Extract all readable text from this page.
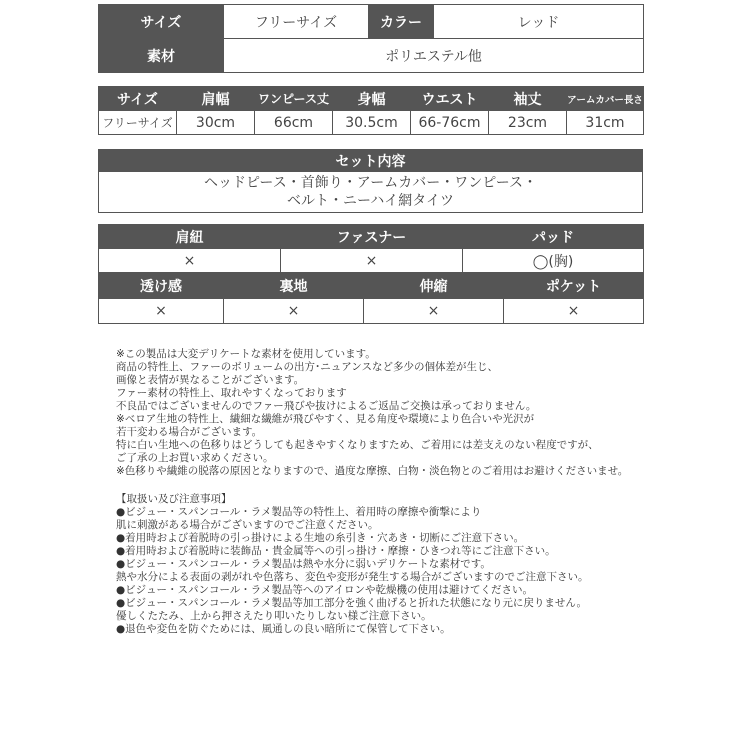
サイズ	フリーサイズ	カラー	レッド
素材	ポリエステル他		
サイズ	肩幅	ワンピース丈	身幅	ウエスト	袖丈	アームカバー長さ
フリーサイズ	30cm	66cm	30.5cm	66-76cm	23cm	31cm
セット内容

ヘッドピース・首飾り・アームカバー・ワンピース・
ベルト・ニーハイ網タイツ
肩紐	ファスナー	パッド
×	×	◯(胸)
透け感	裏地	伸縮	ポケット
×	×	×	×
※この製品は大変デリケートな素材を使用しています。
商品の特性上、ファーのボリュームの出方･ニュアンスなど多少の個体差が生じ、
画像と表情が異なることがございます。
ファー素材の特性上、取れやすくなっております
不良品ではございませんのでファー飛びや抜けによるご返品ご交換は承っておりません。
※ベロア生地の特性上、繊細な繊維が飛びやすく、見る角度や環境により色合いや光沢が
若干変わる場合がございます。
特に白い生地への色移りはどうしても起きやすくなりますため、ご着用には差支えのない程度ですが、
ご了承の上お買い求めください。
※色移りや繊維の脱落の原因となりますので、過度な摩擦、白物・淡色物とのご着用はお避けくださいませ。
【取扱い及び注意事項】
●ビジュー・スパンコール・ラメ製品等の特性上、着用時の摩擦や衝撃により
肌に刺激がある場合がございますのでご注意ください。
●着用時および着脱時の引っ掛けによる生地の糸引き・穴あき・切断にご注意下さい。
●着用時および着脱時に装飾品・貴金属等への引っ掛け・摩擦・ひきつれ等にご注意下さい。
●ビジュー・スパンコール・ラメ製品は熱や水分に弱いデリケートな素材です。
熱や水分による表面の剥がれや色落ち、変色や変形が発生する場合がございますのでご注意下さい。
●ビジュー・スパンコール・ラメ製品等へのアイロンや乾燥機の使用は避けてください。
●ビジュー・スパンコール・ラメ製品等加工部分を強く曲げると折れた状態になり元に戻りません。
優しくたたみ、上から押さえたり叩いたりしない様ご注意下さい。
●退色や変色を防ぐためには、風通しの良い暗所にて保管して下さい。
